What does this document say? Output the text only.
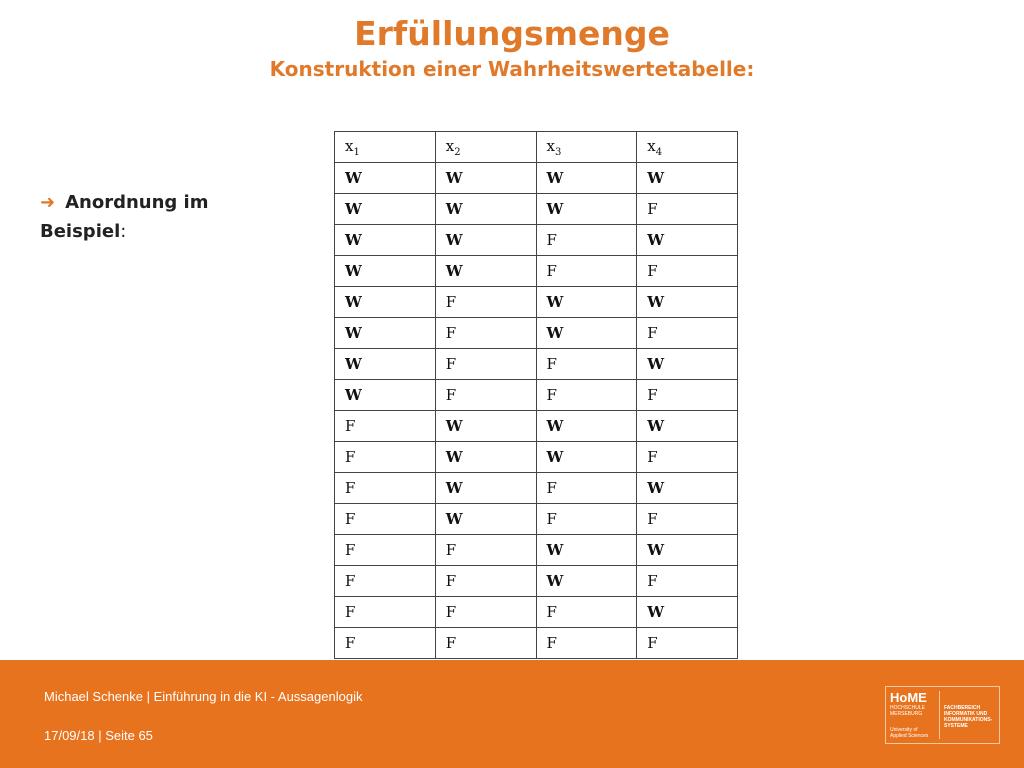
Erfüllungsmenge
Konstruktion einer Wahrheitswertetabelle:
➜ Anordnung im
Beispiel:
$x_1$	$x_2$	$x_3$	$x_4$
W	W	W	W
W	W	W	F
W	W	F	W
W	W	F	F
W	F	W	W
W	F	W	F
W	F	F	W
W	F	F	F
F	W	W	W
F	W	W	F
F	W	F	W
F	W	F	F
F	F	W	W
F	F	W	F
F	F	F	W
F	F	F	F
Michael Schenke | Einführung in die KI - Aussagenlogik
17/09/18 | Seite 65
HoME
HOCHSCHULE
MERSEBURG
University of
Applied Sciences
FACHBEREICH
INFORMATIK UND
KOMMUNIKATIONS-
SYSTEME
